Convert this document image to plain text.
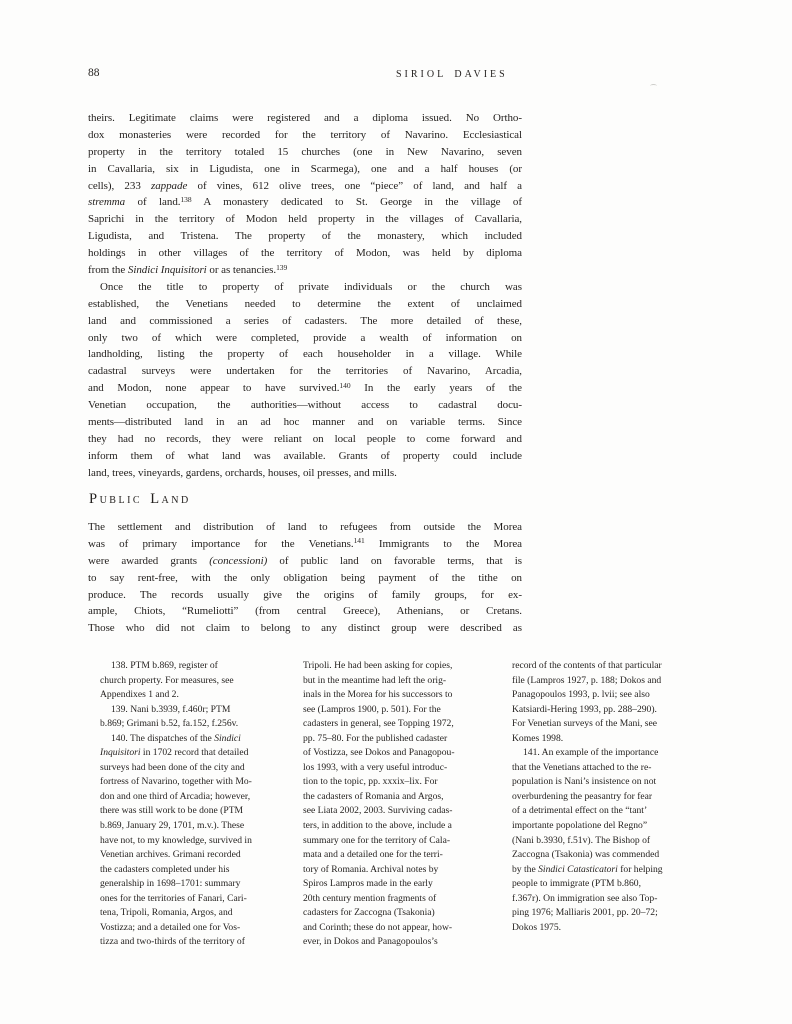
88	SIRIOL DAVIES
theirs. Legitimate claims were registered and a diploma issued. No Ortho-
dox monasteries were recorded for the territory of Navarino. Ecclesiastical
property in the territory totaled 15 churches (one in New Navarino, seven
in Cavallaria, six in Ligudista, one in Scarmega), one and a half houses (or
cells), 233 zappade of vines, 612 olive trees, one “piece” of land, and half a
stremma of land.$^{138}$ A monastery dedicated to St. George in the village of
Saprichi in the territory of Modon held property in the villages of Cavallaria,
Ligudista, and Tristena. The property of the monastery, which included
holdings in other villages of the territory of Modon, was held by diploma
from the Sindici Inquisitori or as tenancies.$^{139}$
Once the title to property of private individuals or the church was
established, the Venetians needed to determine the extent of unclaimed
land and commissioned a series of cadasters. The more detailed of these,
only two of which were completed, provide a wealth of information on
landholding, listing the property of each householder in a village. While
cadastral surveys were undertaken for the territories of Navarino, Arcadia,
and Modon, none appear to have survived.$^{140}$ In the early years of the
Venetian occupation, the authorities—without access to cadastral docu-
ments—distributed land in an ad hoc manner and on variable terms. Since
they had no records, they were reliant on local people to come forward and
inform them of what land was available. Grants of property could include
land, trees, vineyards, gardens, orchards, houses, oil presses, and mills.
Public Land
The settlement and distribution of land to refugees from outside the Morea
was of primary importance for the Venetians.$^{141}$ Immigrants to the Morea
were awarded grants (concessioni) of public land on favorable terms, that is
to say rent-free, with the only obligation being payment of the tithe on
produce. The records usually give the origins of family groups, for ex-
ample, Chiots, “Rumeliotti” (from central Greece), Athenians, or Cretans.
Those who did not claim to belong to any distinct group were described as
138. PTM b.869, register of
church property. For measures, see
Appendixes 1 and 2.
139. Nani b.3939, f.460r; PTM
b.869; Grimani b.52, fa.152, f.256v.
140. The dispatches of the Sindici
Inquisitori in 1702 record that detailed
surveys had been done of the city and
fortress of Navarino, together with Mo-
don and one third of Arcadia; however,
there was still work to be done (PTM
b.869, January 29, 1701, m.v.). These
have not, to my knowledge, survived in
Venetian archives. Grimani recorded
the cadasters completed under his
generalship in 1698–1701: summary
ones for the territories of Fanari, Cari-
tena, Tripoli, Romania, Argos, and
Vostizza; and a detailed one for Vos-
tizza and two-thirds of the territory of
Tripoli. He had been asking for copies,
but in the meantime had left the orig-
inals in the Morea for his successors to
see (Lampros 1900, p. 501). For the
cadasters in general, see Topping 1972,
pp. 75–80. For the published cadaster
of Vostizza, see Dokos and Panagopou-
los 1993, with a very useful introduc-
tion to the topic, pp. xxxix–lix. For
the cadasters of Romania and Argos,
see Liata 2002, 2003. Surviving cadas-
ters, in addition to the above, include a
summary one for the territory of Cala-
mata and a detailed one for the terri-
tory of Romania. Archival notes by
Spiros Lampros made in the early
20th century mention fragments of
cadasters for Zaccogna (Tsakonia)
and Corinth; these do not appear, how-
ever, in Dokos and Panagopoulos’s
record of the contents of that particular
file (Lampros 1927, p. 188; Dokos and
Panagopoulos 1993, p. lvii; see also
Katsiardi-Hering 1993, pp. 288–290).
For Venetian surveys of the Mani, see
Komes 1998.
141. An example of the importance
that the Venetians attached to the re-
population is Nani’s insistence on not
overburdening the peasantry for fear
of a detrimental effect on the “tant’
importante popolatione del Regno”
(Nani b.3930, f.51v). The Bishop of
Zaccogna (Tsakonia) was commended
by the Sindici Catasticatori for helping
people to immigrate (PTM b.860,
f.367r). On immigration see also Top-
ping 1976; Malliaris 2001, pp. 20–72;
Dokos 1975.
